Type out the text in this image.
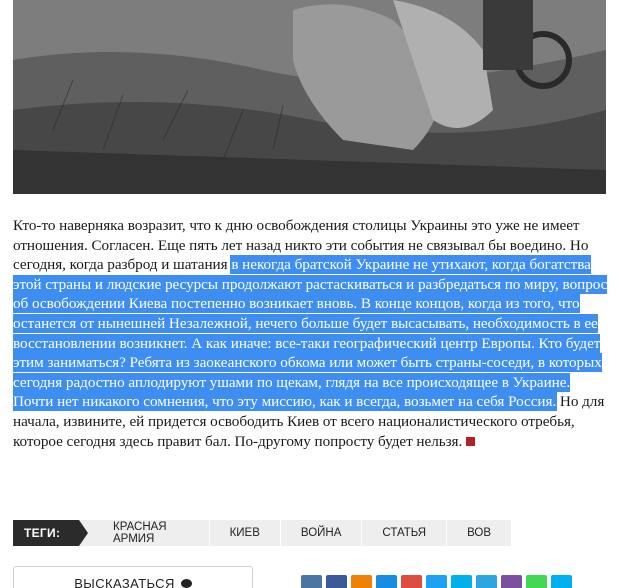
Кто-то наверняка возразит, что к дню освобождения столицы Украины это уже не имеет отношения. Согласен. Еще пять лет назад никто эти события не связывал бы воедино. Но сегодня, когда разброд и шатания в некогда братской Украине не утихают, когда богатства этой страны и людские ресурсы продолжают растаскиваться и разбредаться по миру, вопрос об освобождении Киева постепенно возникает вновь. В конце концов, когда из того, что останется от нынешней Незалежной, нечего больше будет высасывать, необходимость в ее восстановлении возникнет. А как иначе: все-таки географический центр Европы. Кто будет этим заниматься? Ребята из заокеанского обкома или может быть страны-соседи, в которых сегодня радостно аплодируют ушами по щекам, глядя на все происходящее в Украине. Почти нет никакого сомнения, что эту миссию, как и всегда, возьмет на себя Россия. Но для начала, извините, ей придется освободить Киев от всего националистического отребья, которое сегодня здесь правит бал. По-другому попросту будет нельзя.

ТЕГИ:	КРАСНАЯ АРМИЯ	КИЕВ	ВОЙНА	СТАТЬЯ	ВОВ
ВЫСКАЗАТЬСЯ
